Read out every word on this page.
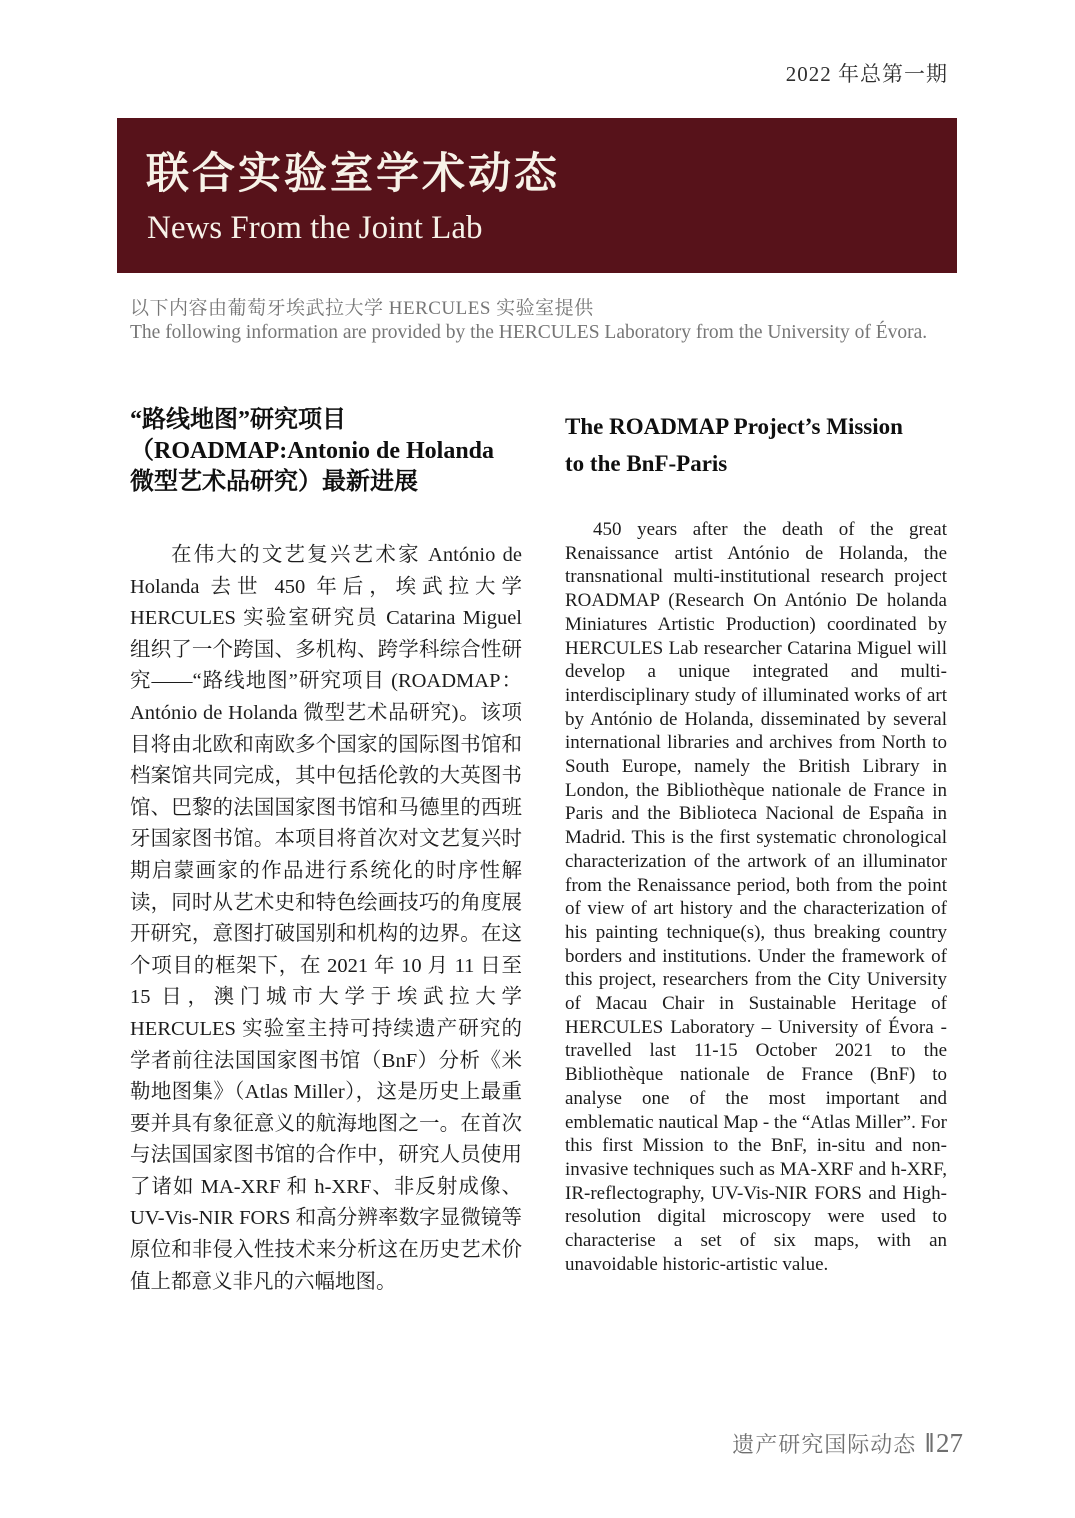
2022 年总第一期
联合实验室学术动态
News From the Joint Lab
以下内容由葡萄牙埃武拉大学 HERCULES 实验室提供
The following information are provided by the HERCULES Laboratory from the University of Évora.
“路线地图”研究项目
（ROADMAP:Antonio de Holanda
微型艺术品研究）最新进展
在伟大的文艺复兴艺术家 António de Holanda 去世 450 年后，埃武拉大学 HERCULES 实验室研究员 Catarina Miguel 组织了一个跨国、多机构、跨学科综合性研究——“路线地图”研究项目 (ROADMAP：António de Holanda 微型艺术品研究)。该项目将由北欧和南欧多个国家的国际图书馆和档案馆共同完成，其中包括伦敦的大英图书馆、巴黎的法国国家图书馆和马德里的西班牙国家图书馆。本项目将首次对文艺复兴时期启蒙画家的作品进行系统化的时序性解读，同时从艺术史和特色绘画技巧的角度展开研究，意图打破国别和机构的边界。在这个项目的框架下，在 2021 年 10 月 11 日至 15 日，澳门城市大学于埃武拉大学 HERCULES 实验室主持可持续遗产研究的学者前往法国国家图书馆（BnF）分析《米勒地图集》（Atlas Miller），这是历史上最重要并具有象征意义的航海地图之一。在首次与法国国家图书馆的合作中，研究人员使用了诸如 MA-XRF 和 h-XRF、非反射成像、UV-Vis-NIR FORS 和高分辨率数字显微镜等原位和非侵入性技术来分析这在历史艺术价值上都意义非凡的六幅地图。
The ROADMAP Project’s Mission to the BnF-Paris
450 years after the death of the great Renaissance artist António de Holanda, the transnational multi-institutional research project ROADMAP (Research On António De holanda Miniatures Artistic Production) coordinated by HERCULES Lab researcher Catarina Miguel will develop a unique integrated and multi-interdisciplinary study of illuminated works of art by António de Holanda, disseminated by several international libraries and archives from North to South Europe, namely the British Library in London, the Bibliothèque nationale de France in Paris and the Biblioteca Nacional de España in Madrid. This is the first systematic chronological characterization of the artwork of an illuminator from the Renaissance period, both from the point of view of art history and the characterization of his painting technique(s), thus breaking country borders and institutions. Under the framework of this project, researchers from the City University of Macau Chair in Sustainable Heritage of HERCULES Laboratory – University of Évora - travelled last 11-15 October 2021 to the Bibliothèque nationale de France (BnF) to analyse one of the most important and emblematic nautical Map - the “Atlas Miller”. For this first Mission to the BnF, in-situ and non-invasive techniques such as MA-XRF and h-XRF, IR-reflectography, UV-Vis-NIR FORS and High-resolution digital microscopy were used to characterise a set of six maps, with an unavoidable historic-artistic value.
遗产研究国际动态 ‖ 27
